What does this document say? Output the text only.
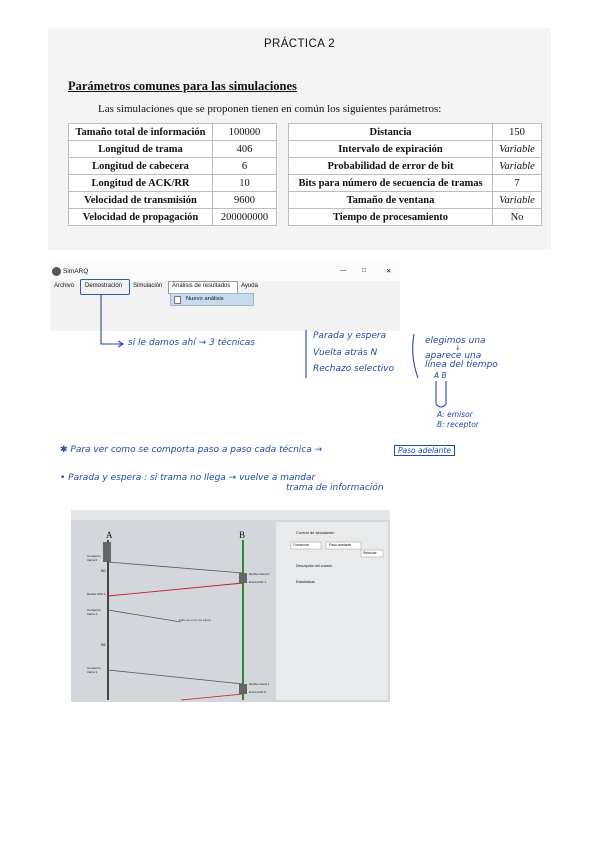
PRÁCTICA 2
Parámetros comunes para las simulaciones
Las simulaciones que se proponen tienen en común los siguientes parámetros:
Tamaño total de información	100000
Longitud de trama	406
Longitud de cabecera	6
Longitud de ACK/RR	10
Velocidad de transmisión	9600
Velocidad de propagación	200000000
Distancia	150
Intervalo de expiración	Variable
Probabilidad de error de bit	Variable
Bits para número de secuencia de tramas	7
Tamaño de ventana	Variable
Tiempo de procesamiento	No
SimARQ	— □	✕
Archivo Demostración Simulación Análisis de resultados Ayuda
Nuevo análisis
si le damos ahí → 3 técnicas
Parada y espera
Vuelta atrás N
Rechazo selectivo
elegimos una
↓
aparece una
línea del tiempo
A B
A: emisor
B: receptor
✱ Para ver como se comporta paso a paso cada técnica →	Paso adelante
• Parada y espera : si trama no llega → vuelve a mandar
trama de información
A	B	Control de simulación
Comenzar	Paso adelante
Reiniciar
Descripción del suceso
Estadísticas
Comienzo trama 0
Recibe ACK 1
Comienzo trama 1
Comienzo trama 1
Recibe trama 0
Envía ACK 1
Recibe trama 1
Envía ACK 0
Fallo de envío de trama
50
95
